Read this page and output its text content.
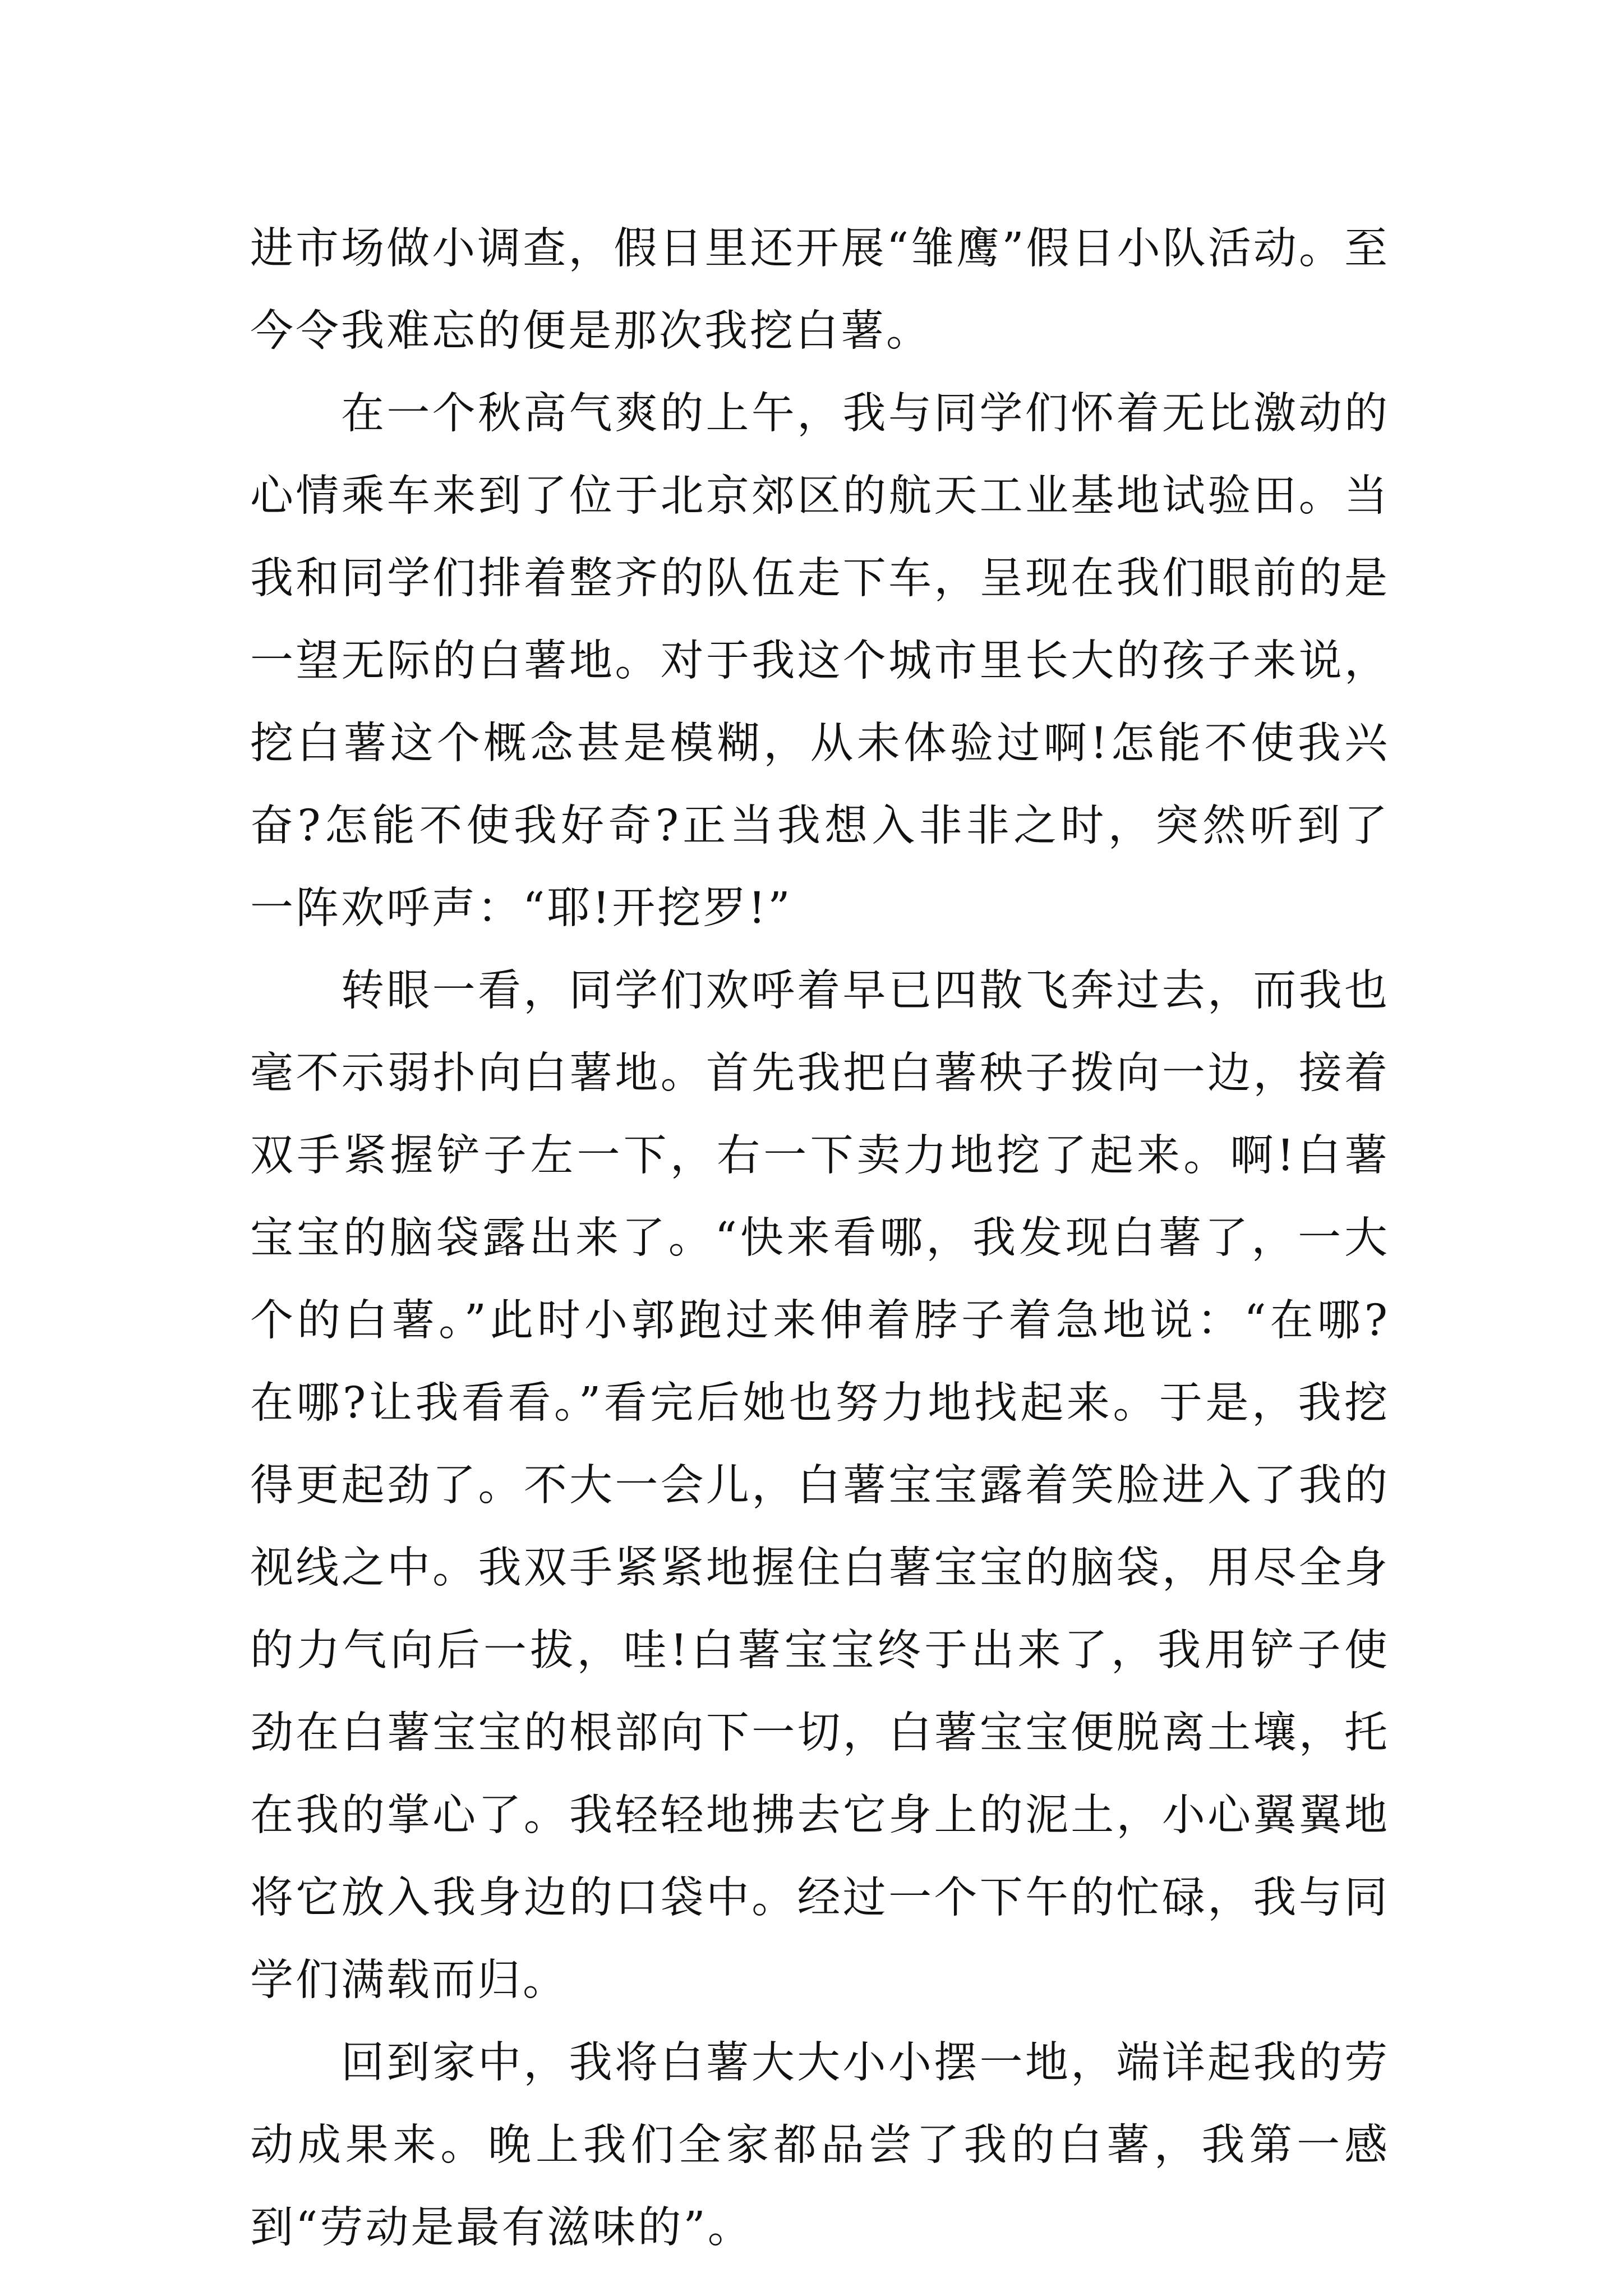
进市场做小调查，假日里还开展“雏鹰”假日小队活动。至今令我难忘的便是那次我挖白薯。

在一个秋高气爽的上午，我与同学们怀着无比激动的心情乘车来到了位于北京郊区的航天工业基地试验田。当我和同学们排着整齐的队伍走下车，呈现在我们眼前的是一望无际的白薯地。对于我这个城市里长大的孩子来说，挖白薯这个概念甚是模糊，从未体验过啊!怎能不使我兴奋?怎能不使我好奇?正当我想入非非之时，突然听到了一阵欢呼声：“耶!开挖罗!”

转眼一看，同学们欢呼着早已四散飞奔过去，而我也毫不示弱扑向白薯地。首先我把白薯秧子拨向一边，接着双手紧握铲子左一下，右一下卖力地挖了起来。啊!白薯宝宝的脑袋露出来了。“快来看哪，我发现白薯了，一大个的白薯。”此时小郭跑过来伸着脖子着急地说：“在哪?在哪?让我看看。”看完后她也努力地找起来。于是，我挖得更起劲了。不大一会儿，白薯宝宝露着笑脸进入了我的视线之中。我双手紧紧地握住白薯宝宝的脑袋，用尽全身的力气向后一拔，哇!白薯宝宝终于出来了，我用铲子使劲在白薯宝宝的根部向下一切，白薯宝宝便脱离土壤，托在我的掌心了。我轻轻地拂去它身上的泥土，小心翼翼地将它放入我身边的口袋中。经过一个下午的忙碌，我与同学们满载而归。

回到家中，我将白薯大大小小摆一地，端详起我的劳动成果来。晚上我们全家都品尝了我的白薯，我第一感到“劳动是最有滋味的”。
